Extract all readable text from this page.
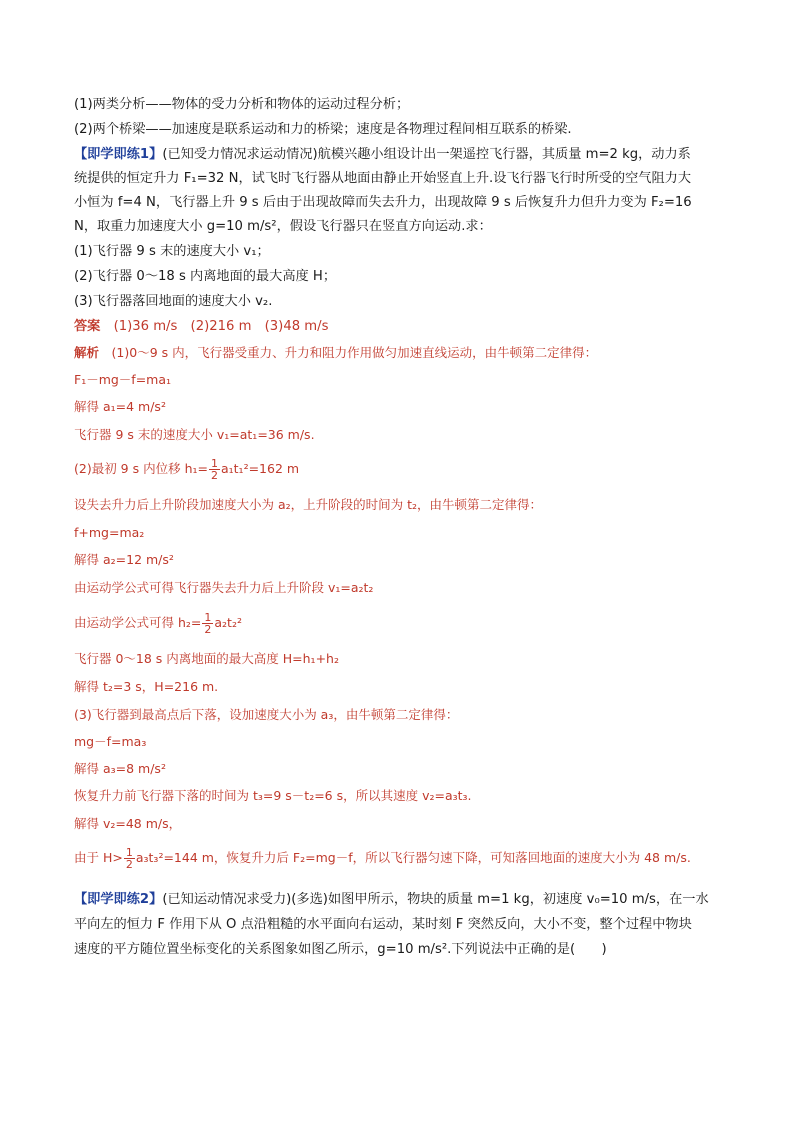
(1)两类分析——物体的受力分析和物体的运动过程分析；
(2)两个桥梁——加速度是联系运动和力的桥梁；速度是各物理过程间相互联系的桥梁.
【即学即练1】(已知受力情况求运动情况)航模兴趣小组设计出一架遥控飞行器，其质量 m=2 kg，动力系
统提供的恒定升力 F₁=32 N，试飞时飞行器从地面由静止开始竖直上升.设飞行器飞行时所受的空气阻力大
小恒为 f=4 N，飞行器上升 9 s 后由于出现故障而失去升力，出现故障 9 s 后恢复升力但升力变为 F₂=16
N，取重力加速度大小 g=10 m/s²，假设飞行器只在竖直方向运动.求：
(1)飞行器 9 s 末的速度大小 v₁；
(2)飞行器 0～18 s 内离地面的最大高度 H；
(3)飞行器落回地面的速度大小 v₂.
答案　 (1)36 m/s　(2)216 m　(3)48 m/s
解析　 (1)0～9 s 内，飞行器受重力、升力和阻力作用做匀加速直线运动，由牛顿第二定律得：
F₁－mg－f=ma₁
解得 a₁=4 m/s²
飞行器 9 s 末的速度大小 v₁=at₁=36 m/s.
(2)最初 9 s 内位移 $h_1= \frac{1}{2} a_1t_1^2=162$ m
设失去升力后上升阶段加速度大小为 a₂，上升阶段的时间为 t₂，由牛顿第二定律得：
f+mg=ma₂
解得 a₂=12 m/s²
由运动学公式可得飞行器失去升力后上升阶段 v₁=a₂t₂
由运动学公式可得 $h_2= \frac{1}{2} a_2t_2^2$
飞行器 0～18 s 内离地面的最大高度 H=h₁+h₂
解得 t₂=3 s，H=216 m.
(3)飞行器到最高点后下落，设加速度大小为 a₃，由牛顿第二定律得：
mg－f=ma₃
解得 a₃=8 m/s²
恢复升力前飞行器下落的时间为 t₃=9 s－t₂=6 s，所以其速度 v₂=a₃t₃.
解得 v₂=48 m/s，
由于 $H> \frac{1}{2} a_3t_3^2=144$ m，恢复升力后 F₂=mg－f，所以飞行器匀速下降，可知落回地面的速度大小为 48 m/s.
【即学即练2】(已知运动情况求受力)(多选)如图甲所示，物块的质量 m=1 kg，初速度 v₀=10 m/s，在一水
平向左的恒力 F 作用下从 O 点沿粗糙的水平面向右运动，某时刻 F 突然反向，大小不变，整个过程中物块
速度的平方随位置坐标变化的关系图象如图乙所示，g=10 m/s².下列说法中正确的是(　　)
